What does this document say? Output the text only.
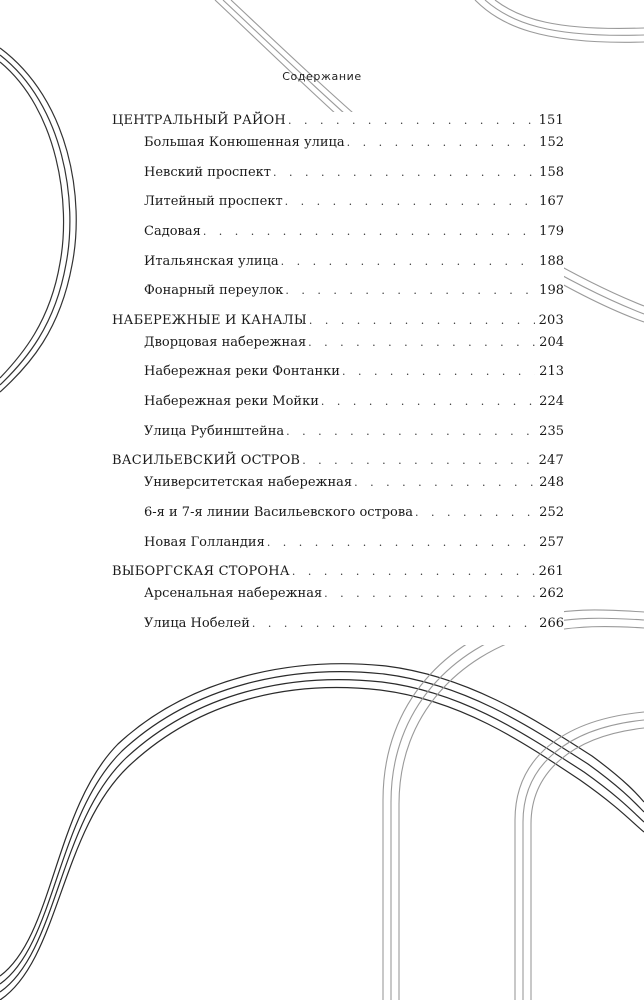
Содержание
ЦЕНТРАЛЬНЫЙ РАЙОН . . .	151
Большая Конюшенная улица . . .	152
Невский проспект . . .	158
Литейный проспект . . .	167
Садовая . . .	179
Итальянская улица . . .	188
Фонарный переулок . . .	198
НАБЕРЕЖНЫЕ И КАНАЛЫ . . .	203
Дворцовая набережная . . .	204
Набережная реки Фонтанки . . .	213
Набережная реки Мойки . . .	224
Улица Рубинштейна . . .	235
ВАСИЛЬЕВСКИЙ ОСТРОВ . . .	247
Университетская набережная . . .	248
6-я и 7-я линии Васильевского острова . . .	252
Новая Голландия . . .	257
ВЫБОРГСКАЯ СТОРОНА . . .	261
Арсенальная набережная . . .	262
Улица Нобелей . . .	266
